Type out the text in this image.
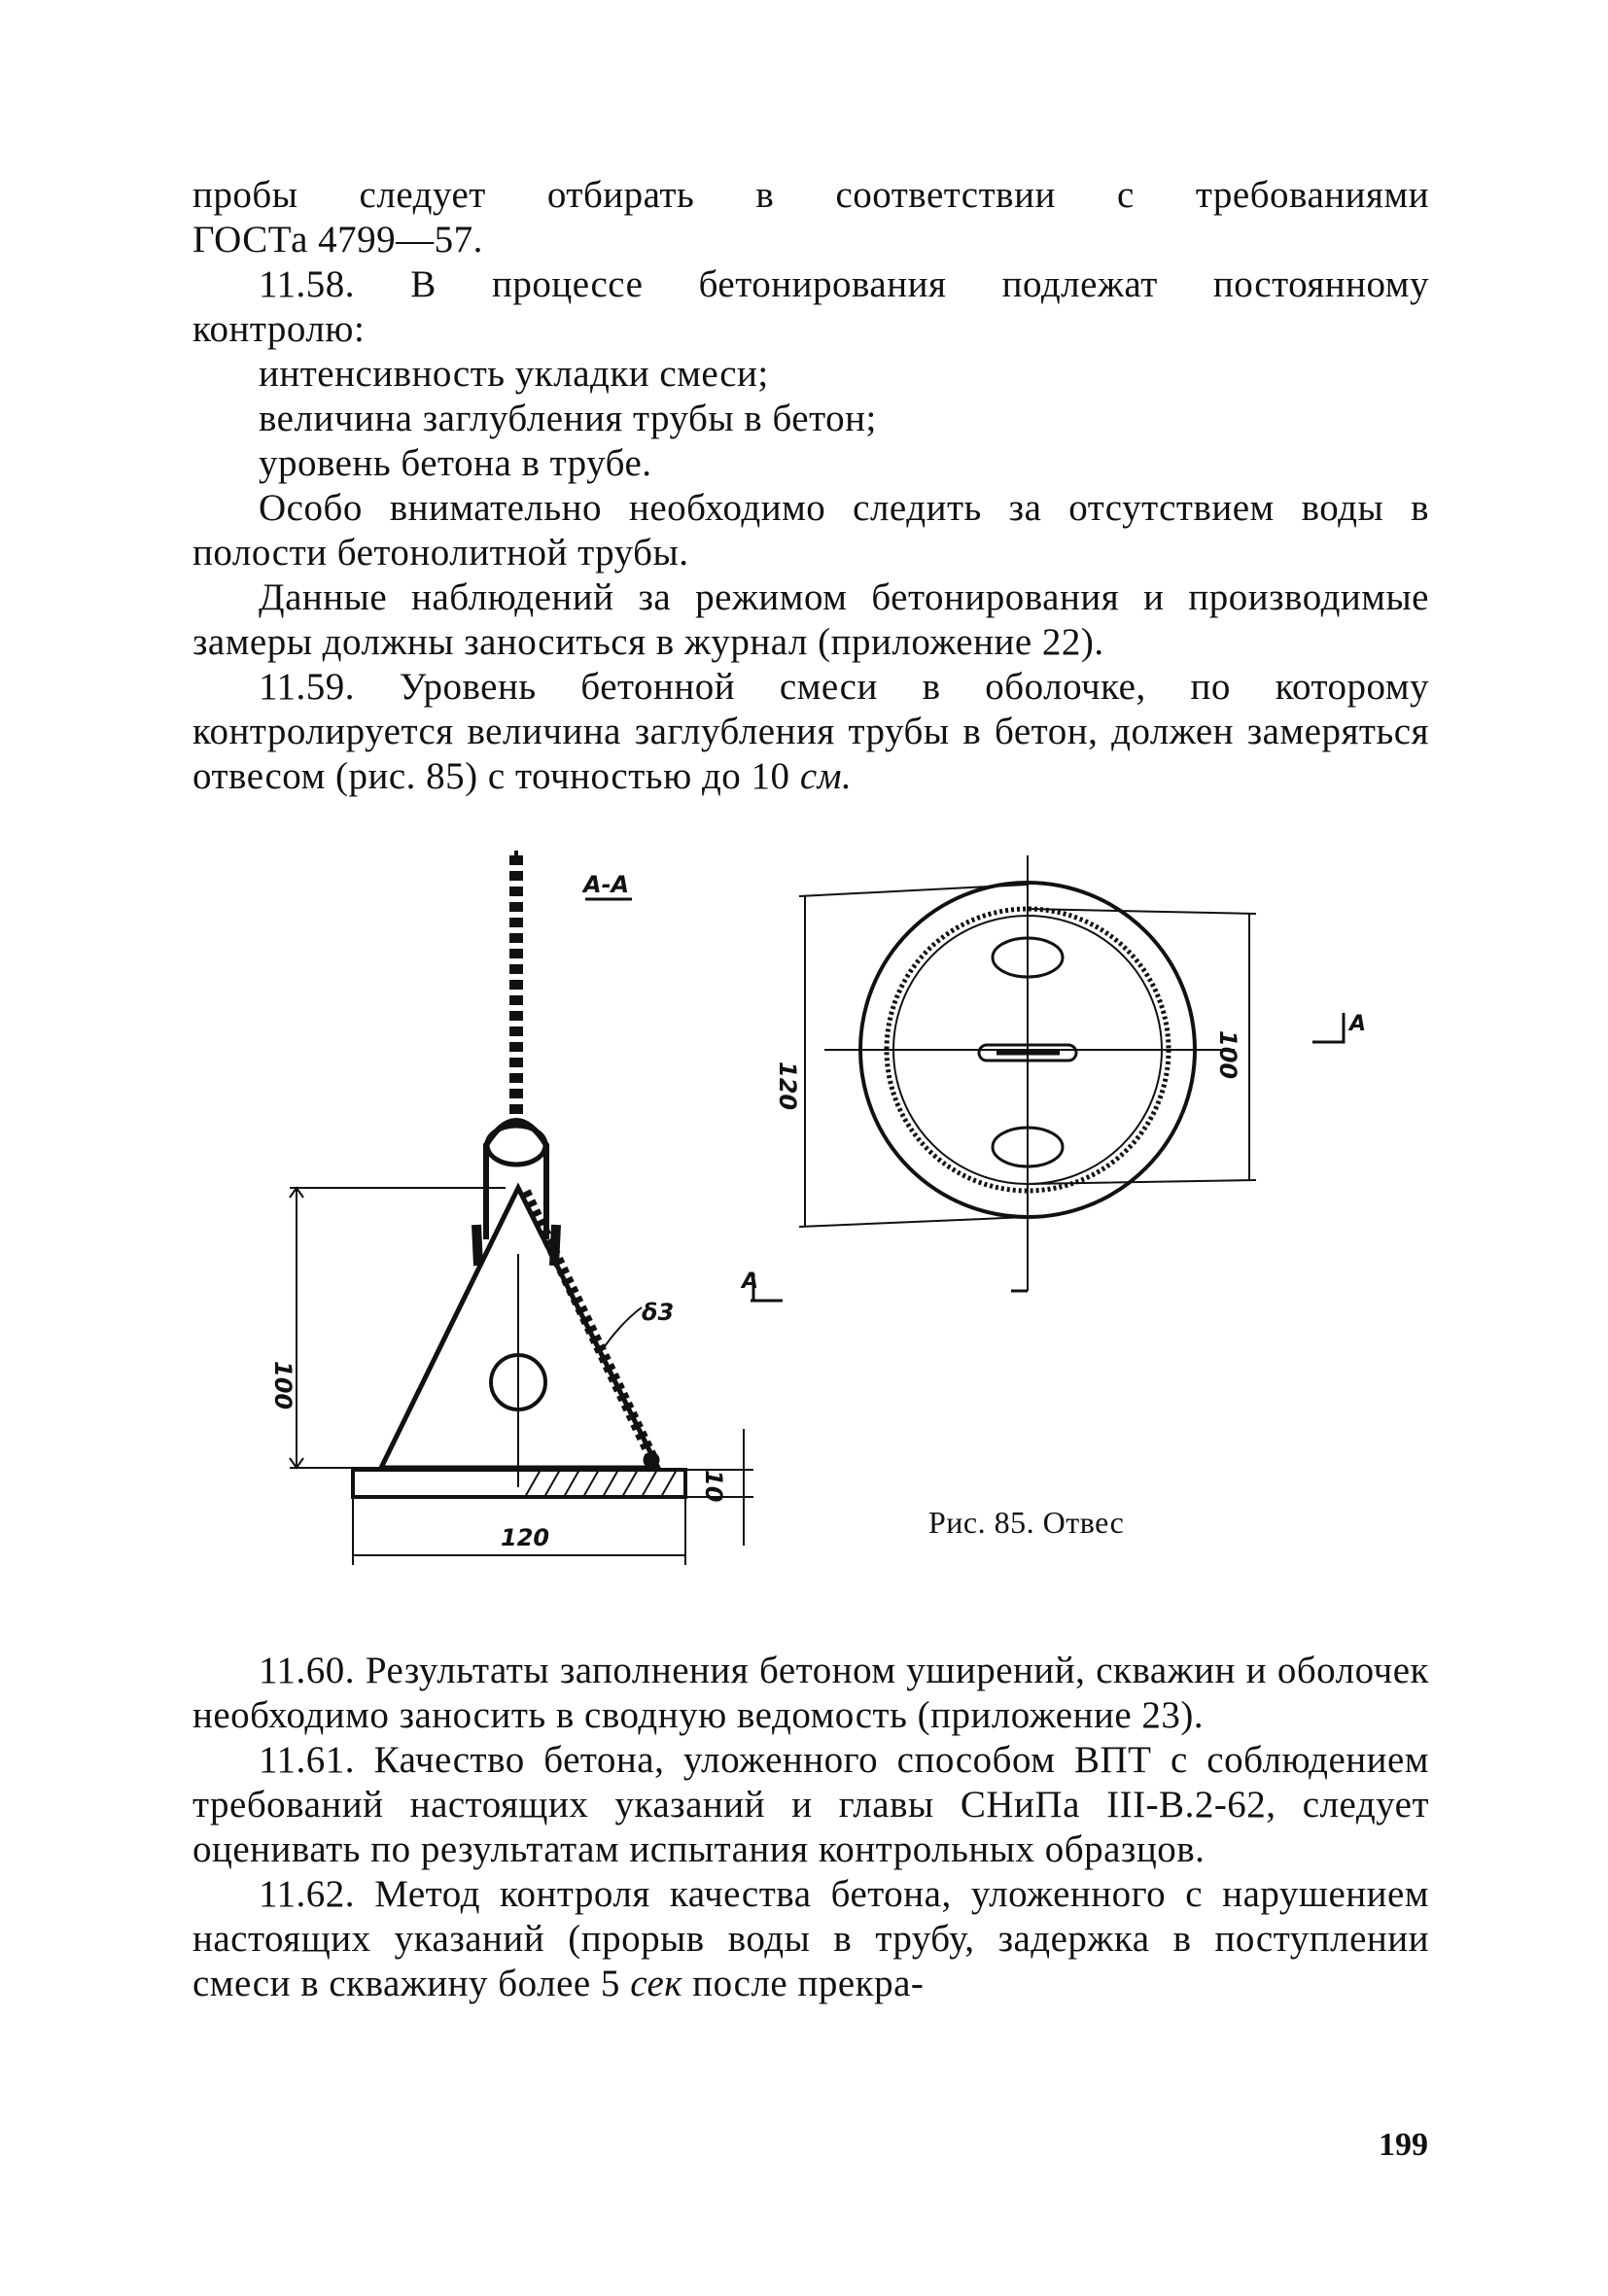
пробы следует отбирать в соответствии с требованиями

ГОСТа 4799—57.

11.58. В процессе бетонирования подлежат постоянному

контролю:

интенсивность укладки смеси;

величина заглубления трубы в бетон;

уровень бетона в трубе.

Особо внимательно необходимо следить за отсутствием воды в полости бетонолитной трубы.

Данные наблюдений за режимом бетонирования и производимые замеры должны заноситься в журнал (приложение 22).

11.59. Уровень бетонной смеси в оболочке, по которому контролируется величина заглубления трубы в бетон, должен замеряться отвесом (рис. 85) с точностью до 10 см.

А-А
А
А
100
120
10
δ3
120
100
Рис. 85. Отвес

11.60. Результаты заполнения бетоном уширений, скважин и оболочек необходимо заносить в сводную ведомость (приложение 23).

11.61. Качество бетона, уложенного способом ВПТ с соблюдением требований настоящих указаний и главы СНиПа III-В.2-62, следует оценивать по результатам испытания контрольных образцов.

11.62. Метод контроля качества бетона, уложенного с нарушением настоящих указаний (прорыв воды в трубу, задержка в поступлении смеси в скважину более 5 сек после прекра-

199
